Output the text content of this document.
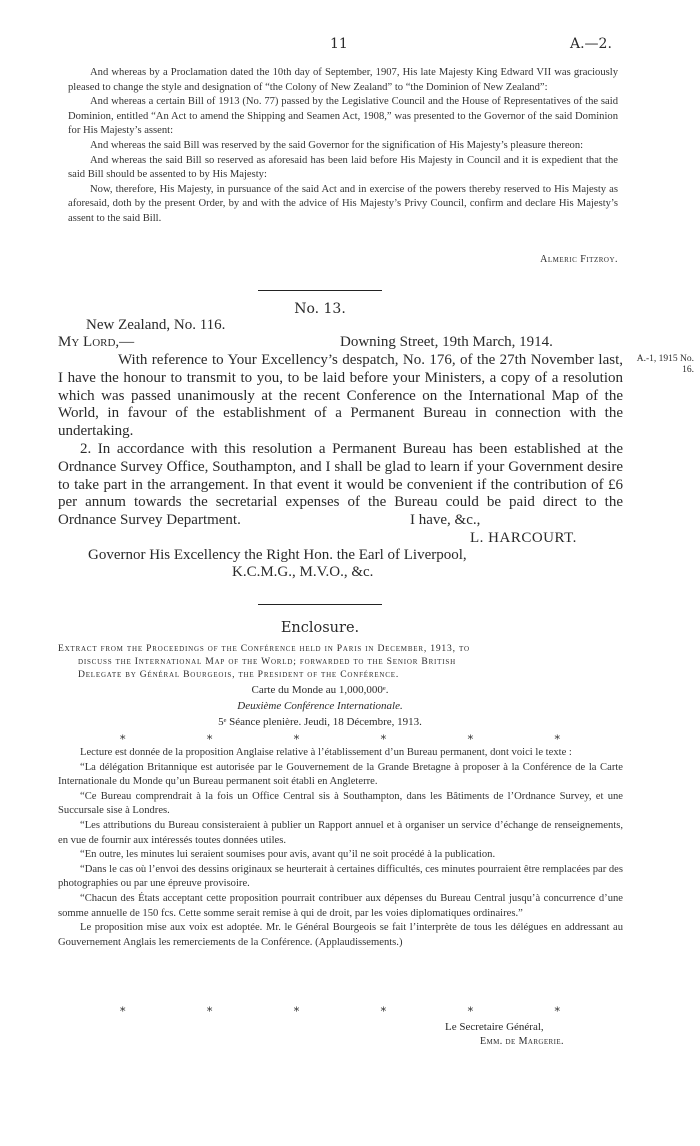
11	A.—2.

And whereas by a Proclamation dated the 10th day of September, 1907, His late Majesty King Edward VII was graciously pleased to change the style and designation of “the Colony of New Zealand” to “the Dominion of New Zealand”:

And whereas a certain Bill of 1913 (No. 77) passed by the Legislative Council and the House of Representatives of the said Dominion, entitled “An Act to amend the Shipping and Seamen Act, 1908,” was presented to the Governor of the said Dominion for His Majesty’s assent:

And whereas the said Bill was reserved by the said Governor for the signification of His Majesty’s pleasure thereon:

And whereas the said Bill so reserved as aforesaid has been laid before His Majesty in Council and it is expedient that the said Bill should be assented to by His Majesty:

Now, therefore, His Majesty, in pursuance of the said Act and in exercise of the powers thereby reserved to His Majesty as aforesaid, doth by the present Order, by and with the advice of His Majesty’s Privy Council, confirm and declare His Majesty’s assent to the said Bill.

Almeric Fitzroy.
No. 13.
New Zealand, No. 116.
My Lord,—	Downing Street, 19th March, 1914.

With reference to Your Excellency’s despatch, No. 176, of the 27th November last, I have the honour to transmit to you, to be laid before your Ministers, a copy of a resolution which was passed unanimously at the recent Conference on the International Map of the World, in favour of the establishment of a Permanent Bureau in connection with the undertaking.

2. In accordance with this resolution a Permanent Bureau has been established at the Ordnance Survey Office, Southampton, and I shall be glad to learn if your Government desire to take part in the arrangement. In that event it would be convenient if the contribution of £6 per annum towards the secretarial expenses of the Bureau could be paid direct to the Ordnance Survey Department.

A.-1, 1915 No. 16.
I have, &c.,
L. HARCOURT.
Governor His Excellency the Right Hon. the Earl of Liverpool,
K.C.M.G., M.V.O., &c.
Enclosure.
Extract from the Proceedings of the Conférence held in Paris in December, 1913, to
discuss the International Map of the World; forwarded to the Senior British
Delegate by Général Bourgeois, the President of the Conférence.
Carte du Monde au 1,000,000ᵉ.
Deuxième Conférence Internationale.
5ᵉ Séance plenière. Jeudi, 18 Décembre, 1913.
*	*	*	*	*	*

Lecture est donnée de la proposition Anglaise relative à l’établissement d’un Bureau permanent, dont voici le texte :

“La délégation Britannique est autorisée par le Gouvernement de la Grande Bretagne à proposer à la Conférence de la Carte Internationale du Monde qu’un Bureau permanent soit établi en Angleterre.

“Ce Bureau comprendrait à la fois un Office Central sis à Southampton, dans les Bâtiments de l’Ordnance Survey, et une Succursale sise à Londres.

“Les attributions du Bureau consisteraient à publier un Rapport annuel et à organiser un service d’échange de renseignements, en vue de fournir aux intéressés toutes données utiles.

“En outre, les minutes lui seraient soumises pour avis, avant qu’il ne soit procédé à la publication.

“Dans le cas où l’envoi des dessins originaux se heurterait à certaines difficultés, ces minutes pourraient être remplacées par des photographies ou par une épreuve provisoire.

“Chacun des États acceptant cette proposition pourrait contribuer aux dépenses du Bureau Central jusqu’à concurrence d’une somme annuelle de 150 fcs. Cette somme serait remise à qui de droit, par les voies diplomatiques ordinaires.”

Le proposition mise aux voix est adoptée. Mr. le Général Bourgeois se fait l’interprète de tous les délégues en addressant au Gouvernement Anglais les remerciements de la Conférence. (Applaudissements.)

*	*	*	*	*	*
Le Secretaire Général,
Emm. de Margerie.
